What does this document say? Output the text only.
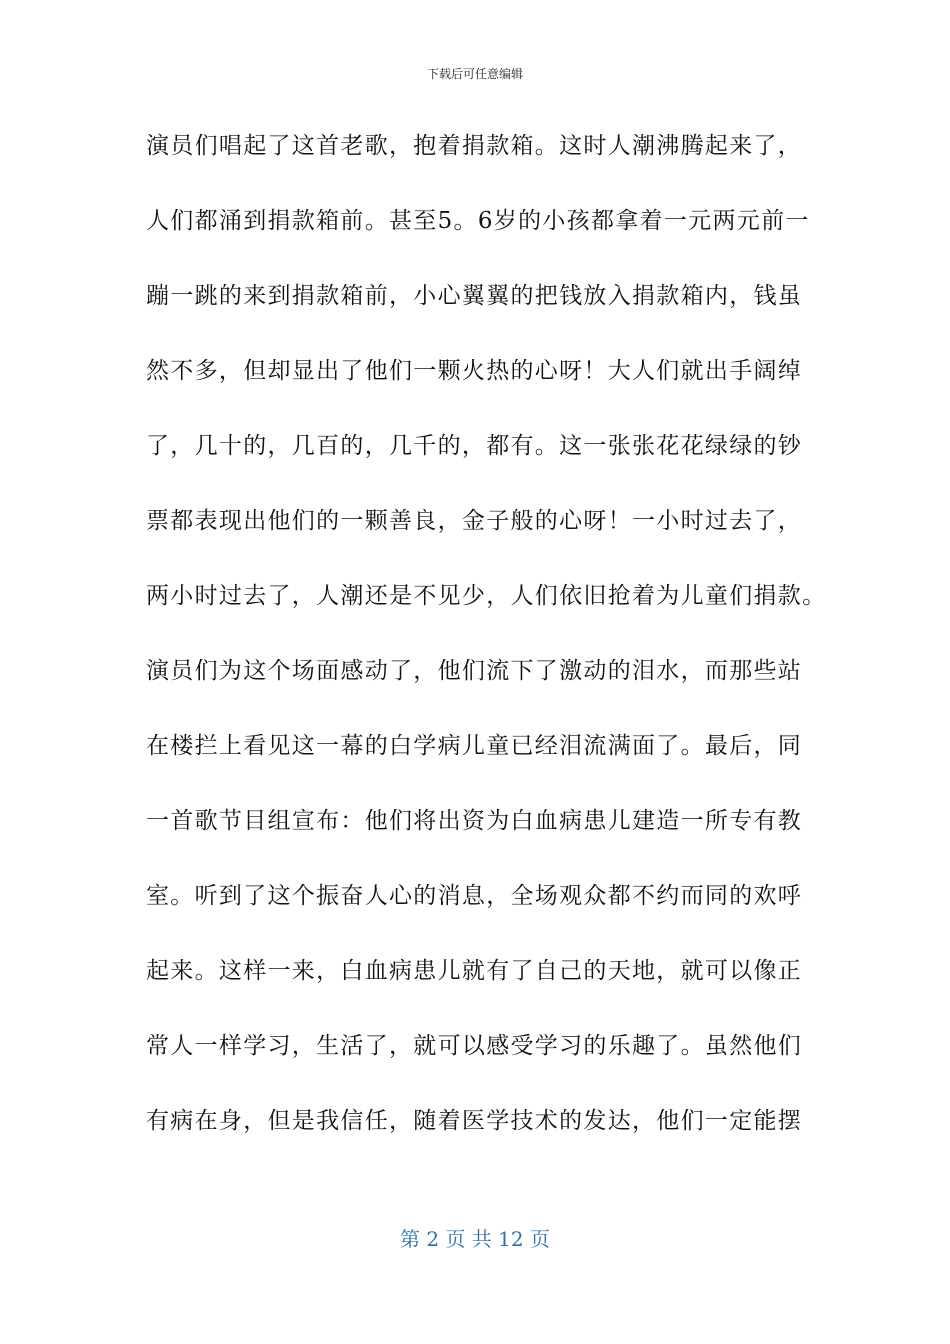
下载后可任意编辑
演员们唱起了这首老歌，抱着捐款箱。这时人潮沸腾起来了，
人们都涌到捐款箱前。甚至5。6岁的小孩都拿着一元两元前一
蹦一跳的来到捐款箱前，小心翼翼的把钱放入捐款箱内，钱虽
然不多，但却显出了他们一颗火热的心呀！大人们就出手阔绰
了，几十的，几百的，几千的，都有。这一张张花花绿绿的钞
票都表现出他们的一颗善良，金子般的心呀！一小时过去了，
两小时过去了，人潮还是不见少，人们依旧抢着为儿童们捐款。
演员们为这个场面感动了，他们流下了激动的泪水，而那些站
在楼拦上看见这一幕的白学病儿童已经泪流满面了。最后，同
一首歌节目组宣布：他们将出资为白血病患儿建造一所专有教
室。听到了这个振奋人心的消息，全场观众都不约而同的欢呼
起来。这样一来，白血病患儿就有了自己的天地，就可以像正
常人一样学习，生活了，就可以感受学习的乐趣了。虽然他们
有病在身，但是我信任，随着医学技术的发达，他们一定能摆
第 2 页 共 12 页
